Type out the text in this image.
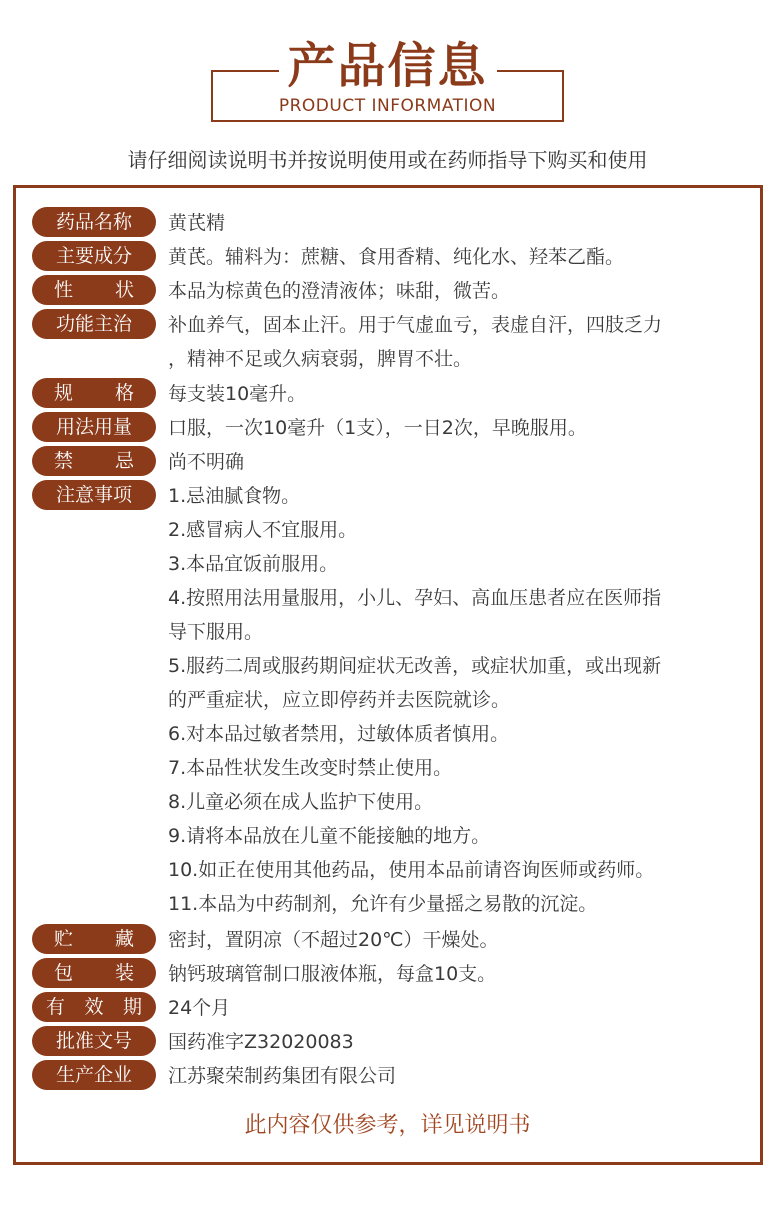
产品信息
PRODUCT INFORMATION
请仔细阅读说明书并按说明使用或在药师指导下购买和使用
药品名称	黄芪精
主要成分	黄芪。辅料为：蔗糖、食用香精、纯化水、羟苯乙酯。
性　状	本品为棕黄色的澄清液体；味甜，微苦。
功能主治	补血养气，固本止汗。用于气虚血亏，表虚自汗，四肢乏力
，精神不足或久病衰弱，脾胃不壮。
规　格	每支装10毫升。
用法用量	口服，一次10毫升（1支），一日2次，早晚服用。
禁　忌	尚不明确
注意事项	1.忌油腻食物。
2.感冒病人不宜服用。
3.本品宜饭前服用。
4.按照用法用量服用，小儿、孕妇、高血压患者应在医师指
导下服用。
5.服药二周或服药期间症状无改善，或症状加重，或出现新
的严重症状，应立即停药并去医院就诊。
6.对本品过敏者禁用，过敏体质者慎用。
7.本品性状发生改变时禁止使用。
8.儿童必须在成人监护下使用。
9.请将本品放在儿童不能接触的地方。
10.如正在使用其他药品，使用本品前请咨询医师或药师。
11.本品为中药制剂，允许有少量摇之易散的沉淀。
贮　藏	密封，置阴凉（不超过20℃）干燥处。
包　装	钠钙玻璃管制口服液体瓶，每盒10支。
有效期	24个月
批准文号	国药准字Z32020083
生产企业	江苏聚荣制药集团有限公司
此内容仅供参考，详见说明书
